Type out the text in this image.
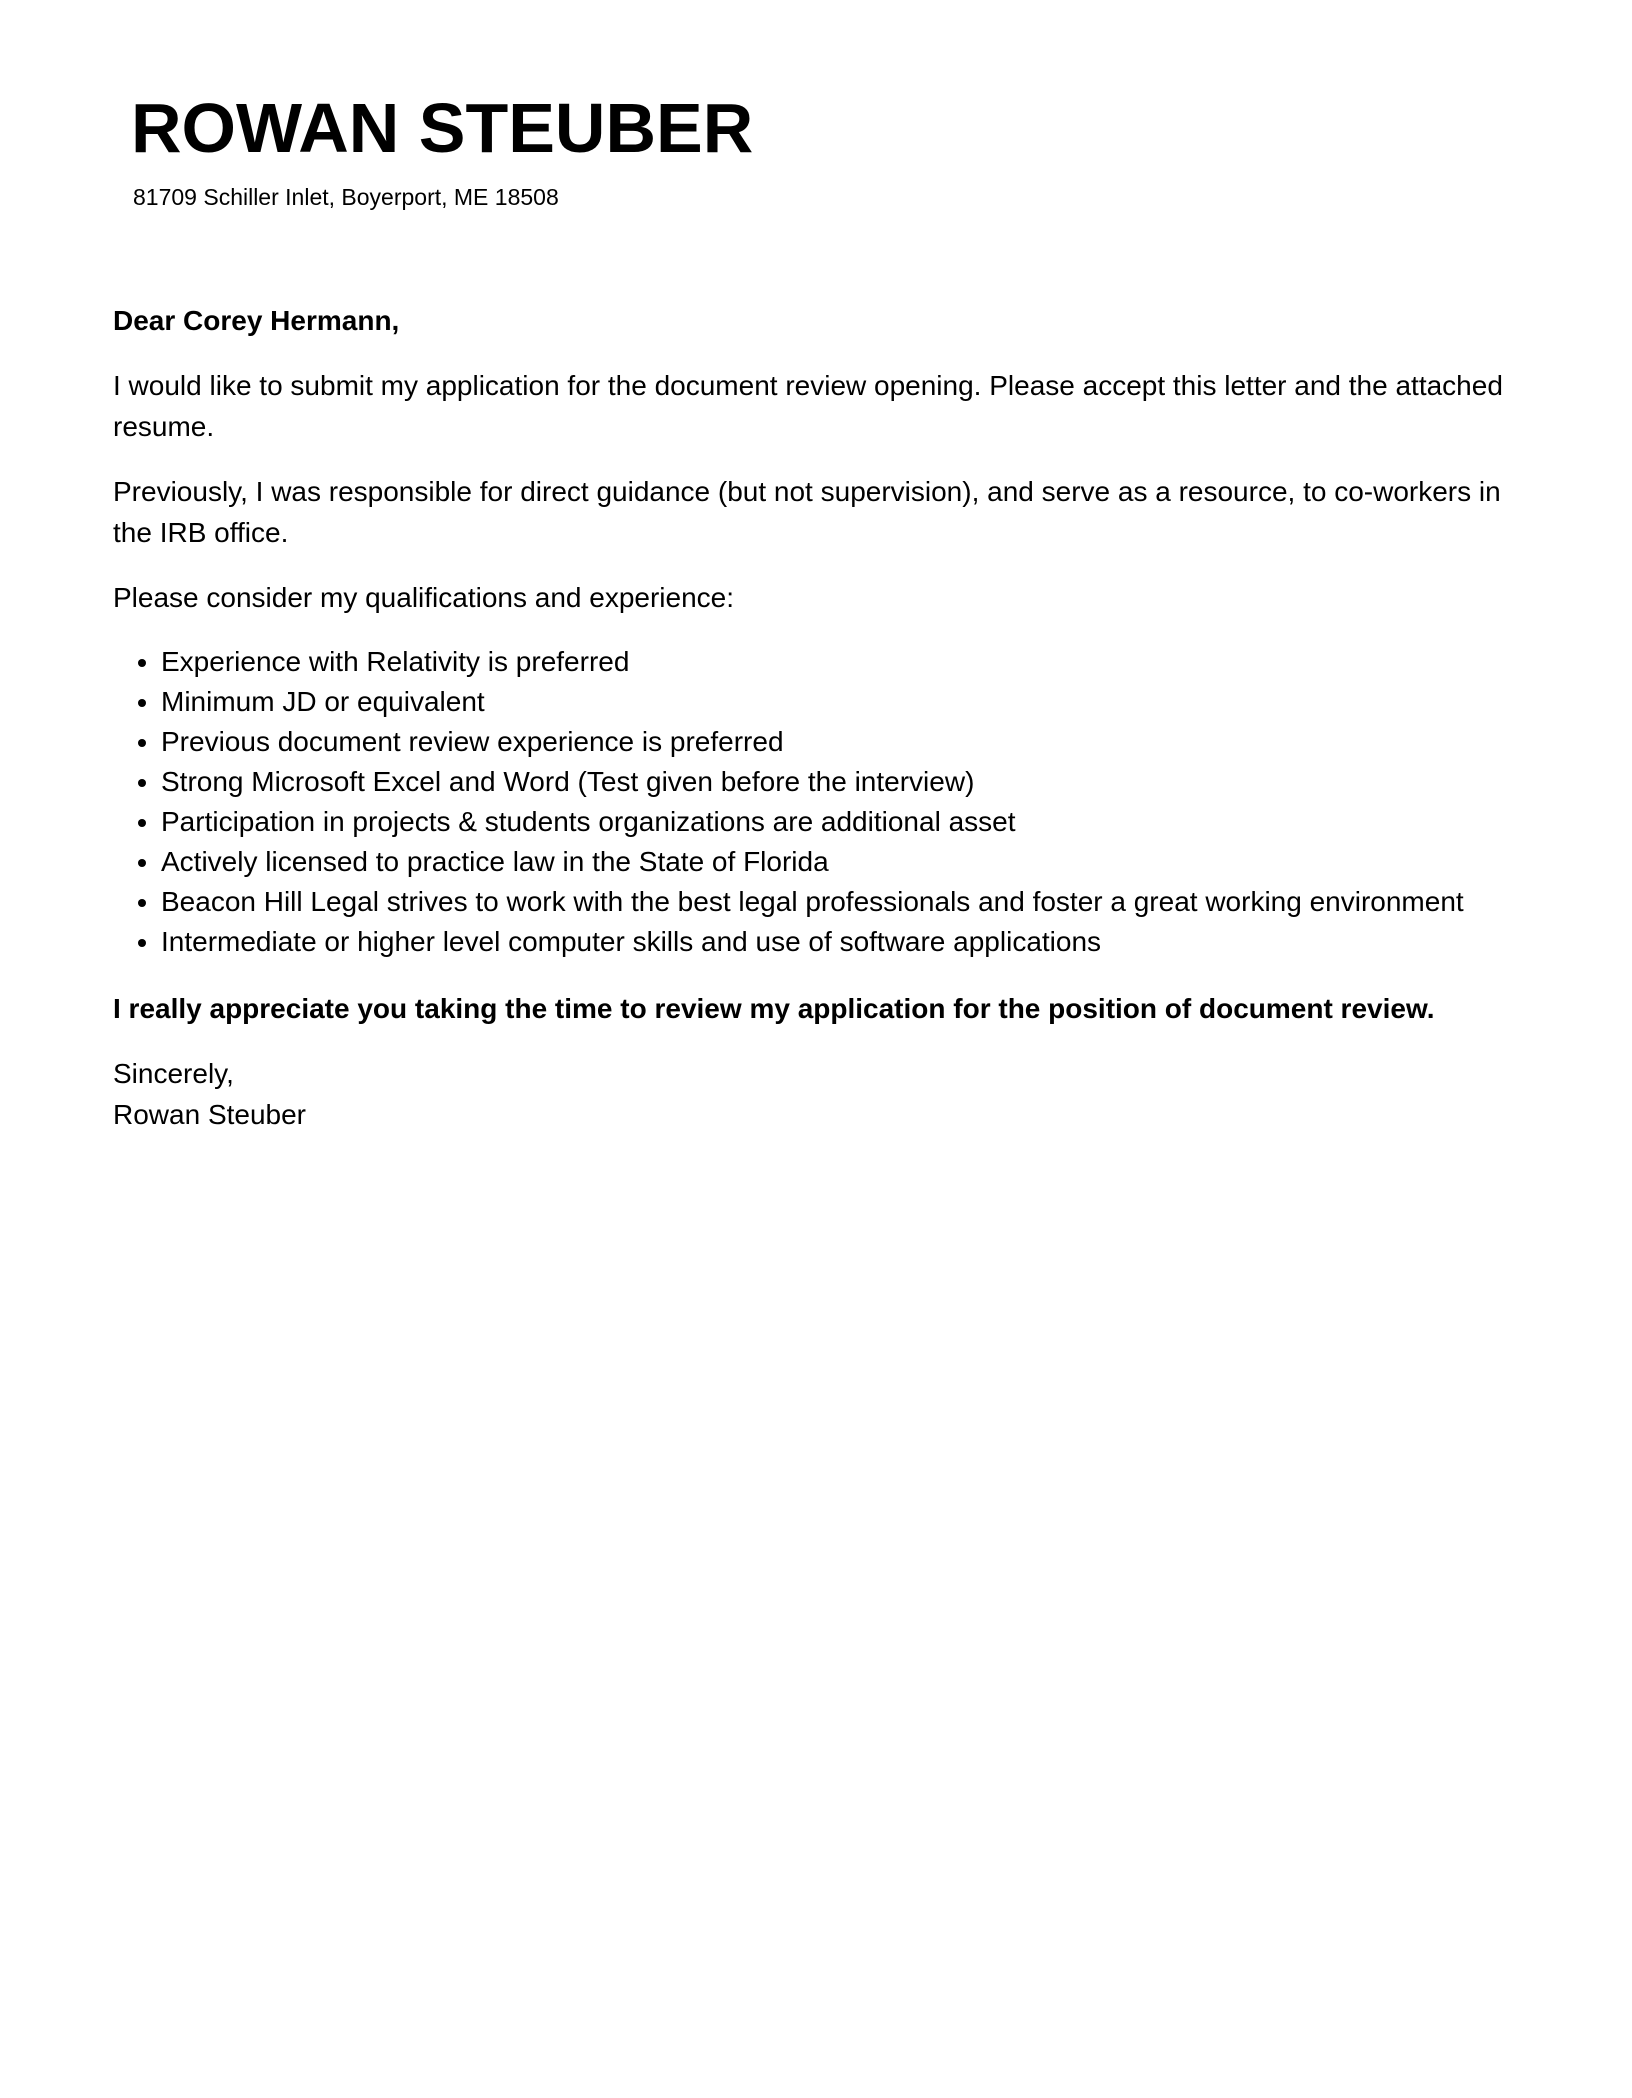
ROWAN STEUBER
81709 Schiller Inlet, Boyerport, ME 18508

Dear Corey Hermann,

I would like to submit my application for the document review opening. Please accept this letter and the attached resume.

Previously, I was responsible for direct guidance (but not supervision), and serve as a resource, to co-workers in the IRB office.

Please consider my qualifications and experience:

• Experience with Relativity is preferred
• Minimum JD or equivalent
• Previous document review experience is preferred
• Strong Microsoft Excel and Word (Test given before the interview)
• Participation in projects & students organizations are additional asset
• Actively licensed to practice law in the State of Florida
• Beacon Hill Legal strives to work with the best legal professionals and foster a great working environment
• Intermediate or higher level computer skills and use of software applications

I really appreciate you taking the time to review my application for the position of document review.

Sincerely,
Rowan Steuber
